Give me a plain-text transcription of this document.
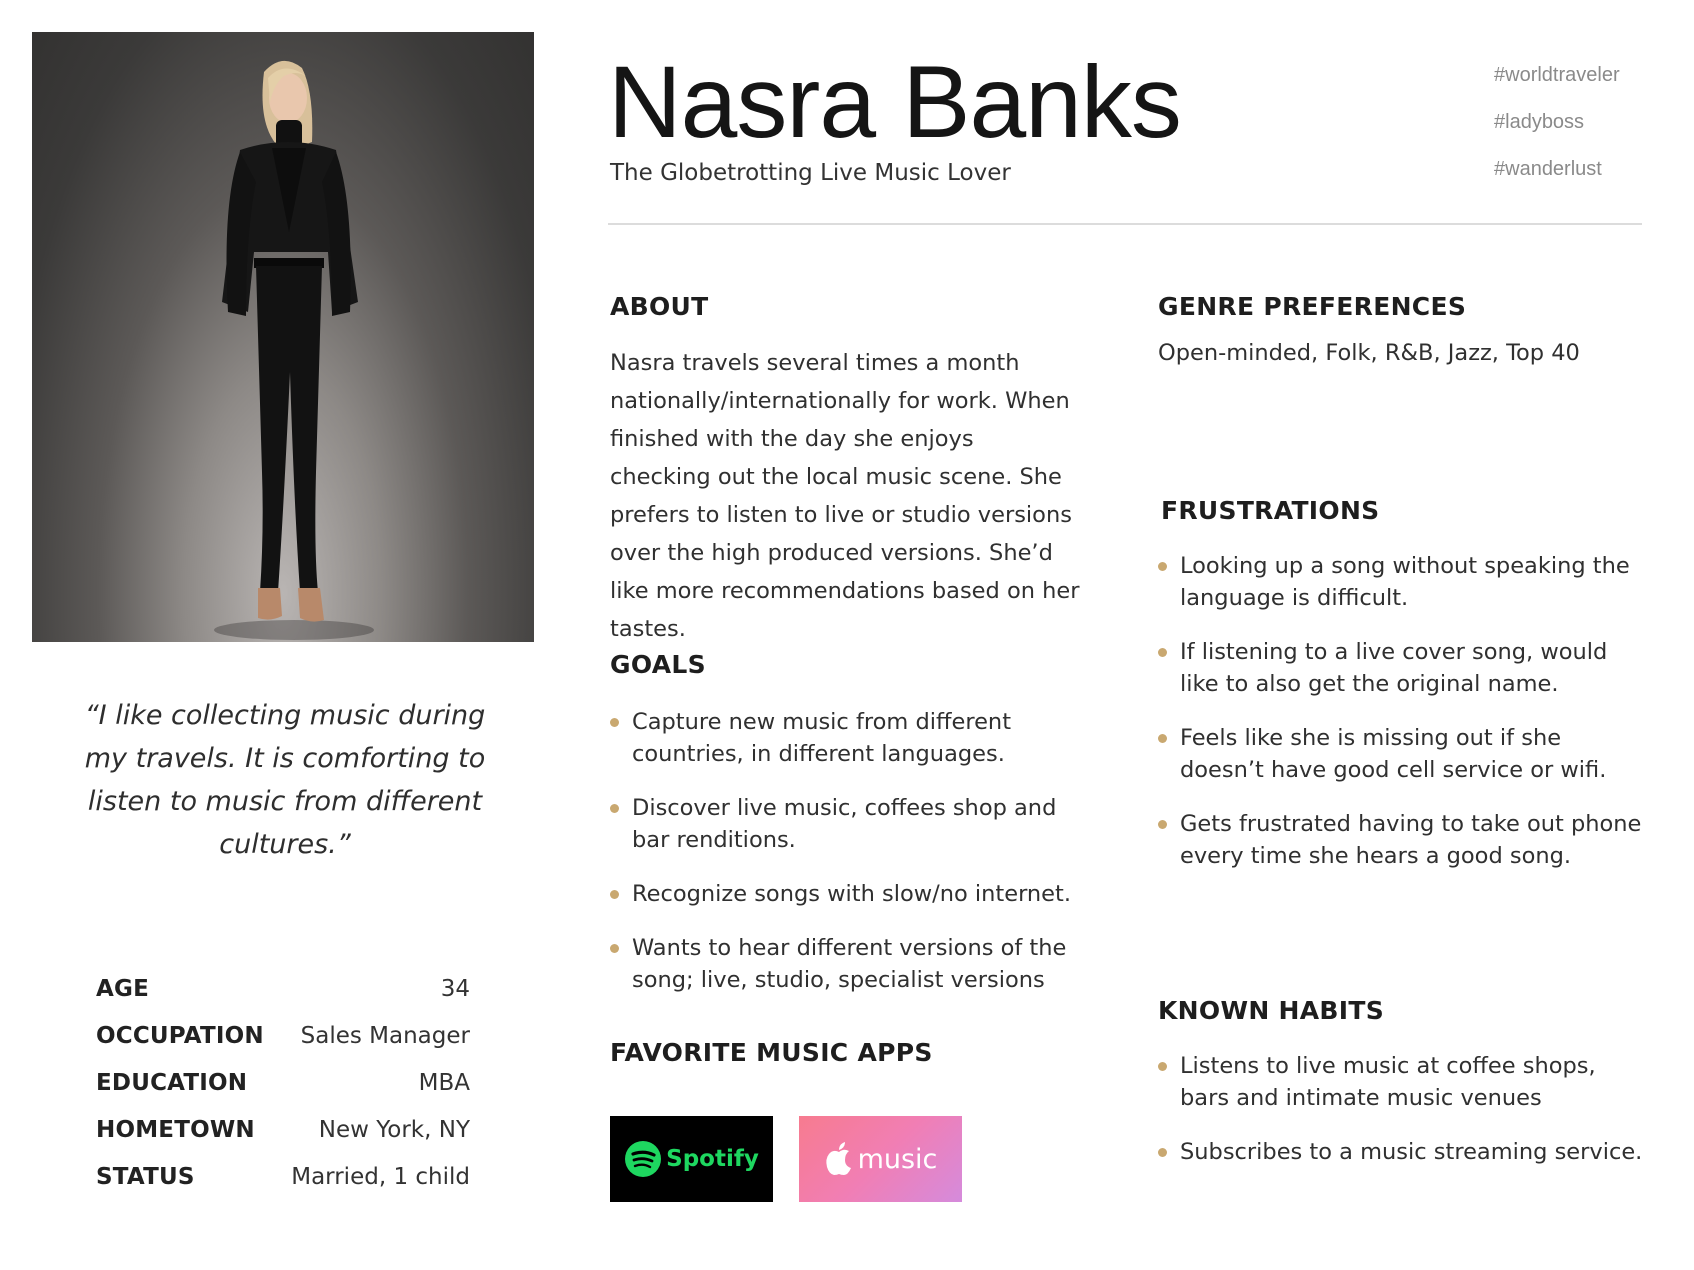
“I like collecting music during my travels. It is comforting to listen to music from different cultures.”
AGE	34
OCCUPATION Sales Manager
EDUCATION	MBA
HOMETOWN	New York, NY
STATUS	Married, 1 child
Nasra Banks
The Globetrotting Live Music Lover
#worldtraveler
#ladyboss
#wanderlust
ABOUT
Nasra travels several times a month nationally/internationally for work. When finished with the day she enjoys checking out the local music scene. She prefers to listen to live or studio versions over the high produced versions. She’d like more recommendations based on her tastes.
GOALS
Capture new music from different countries, in different languages.
Discover live music, coffees shop and bar renditions.
Recognize songs with slow/no internet.
Wants to hear different versions of the song; live, studio, specialist versions
FAVORITE MUSIC APPS
Spotify	music
GENRE PREFERENCES
Open-minded, Folk, R&B, Jazz, Top 40
FRUSTRATIONS
Looking up a song without speaking the language is difficult.
If listening to a live cover song, would like to also get the original name.
Feels like she is missing out if she doesn’t have good cell service or wifi.
Gets frustrated having to take out phone every time she hears a good song.
KNOWN HABITS
Listens to live music at coffee shops, bars and intimate music venues
Subscribes to a music streaming service.
